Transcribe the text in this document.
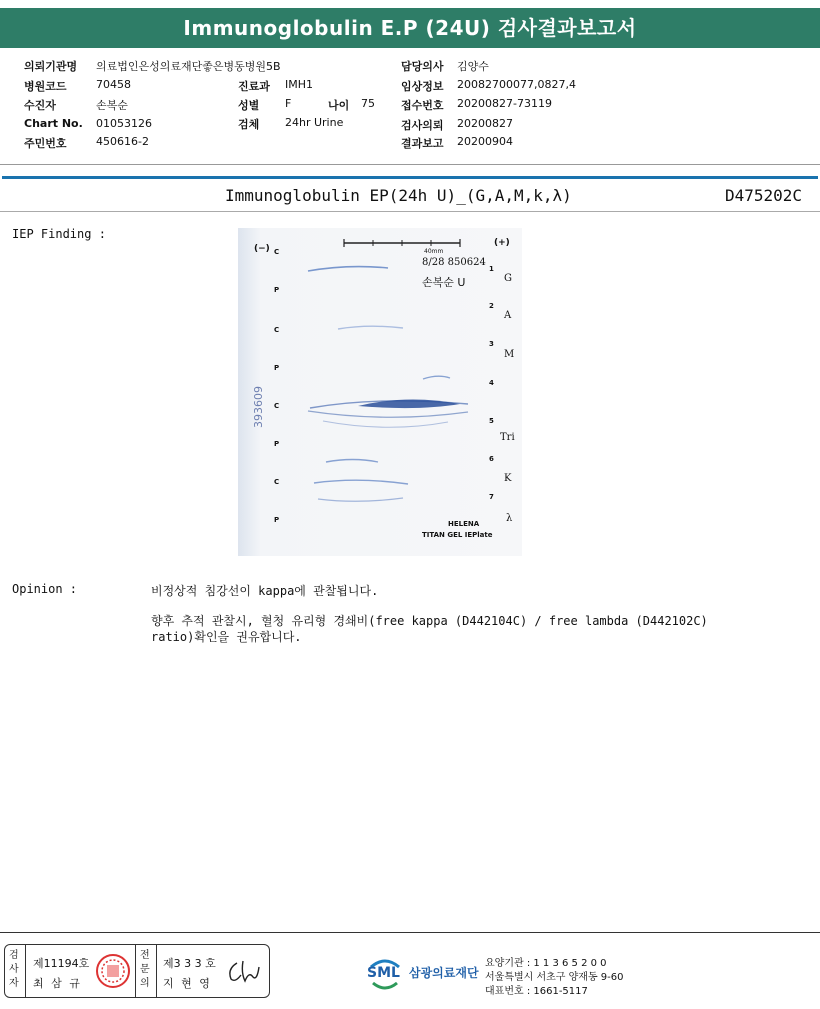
Immunoglobulin E.P (24U) 검사결과보고서
의뢰기관명 의료법인은성의료재단좋은병동병원5B
병원코드	70458
수진자	손복순
Chart No. 01053126
주민번호	450616-2
진료과 IMH1
성별 F	나이 75
검체 24hr Urine
담당의사 김양수
임상정보 20082700077,0827,4
접수번호 20200827-73119
검사의뢰 20200827
결과보고 20200904
Immunoglobulin EP(24h U)_(G,A,M,k,λ)	D475202C
IEP Finding :
393609
(−)
(+)
40mm
8/28 850624
손복순 U
C
P
C
P
C
P
C
P
1
2
3
4
5
6
7
G
A
M
Tri
K
λ
HELENA
TITAN GEL IEPlate
Opinion :	비정상적 침강선이 kappa에 관찰됩니다.
향후 추적 관찰시, 혈청 유리형 경쇄비(free kappa (D442104C) / free lambda (D442102C)
ratio)확인을 권유합니다.
검사자
제11194호
최 삼 규
전문의
제3 3 3 호
지 현 영
SML 삼광의료재단
요양기관 : 1 1 3 6 5 2 0 0
서울특별시 서초구 양재동 9-60
대표번호 : 1661-5117
